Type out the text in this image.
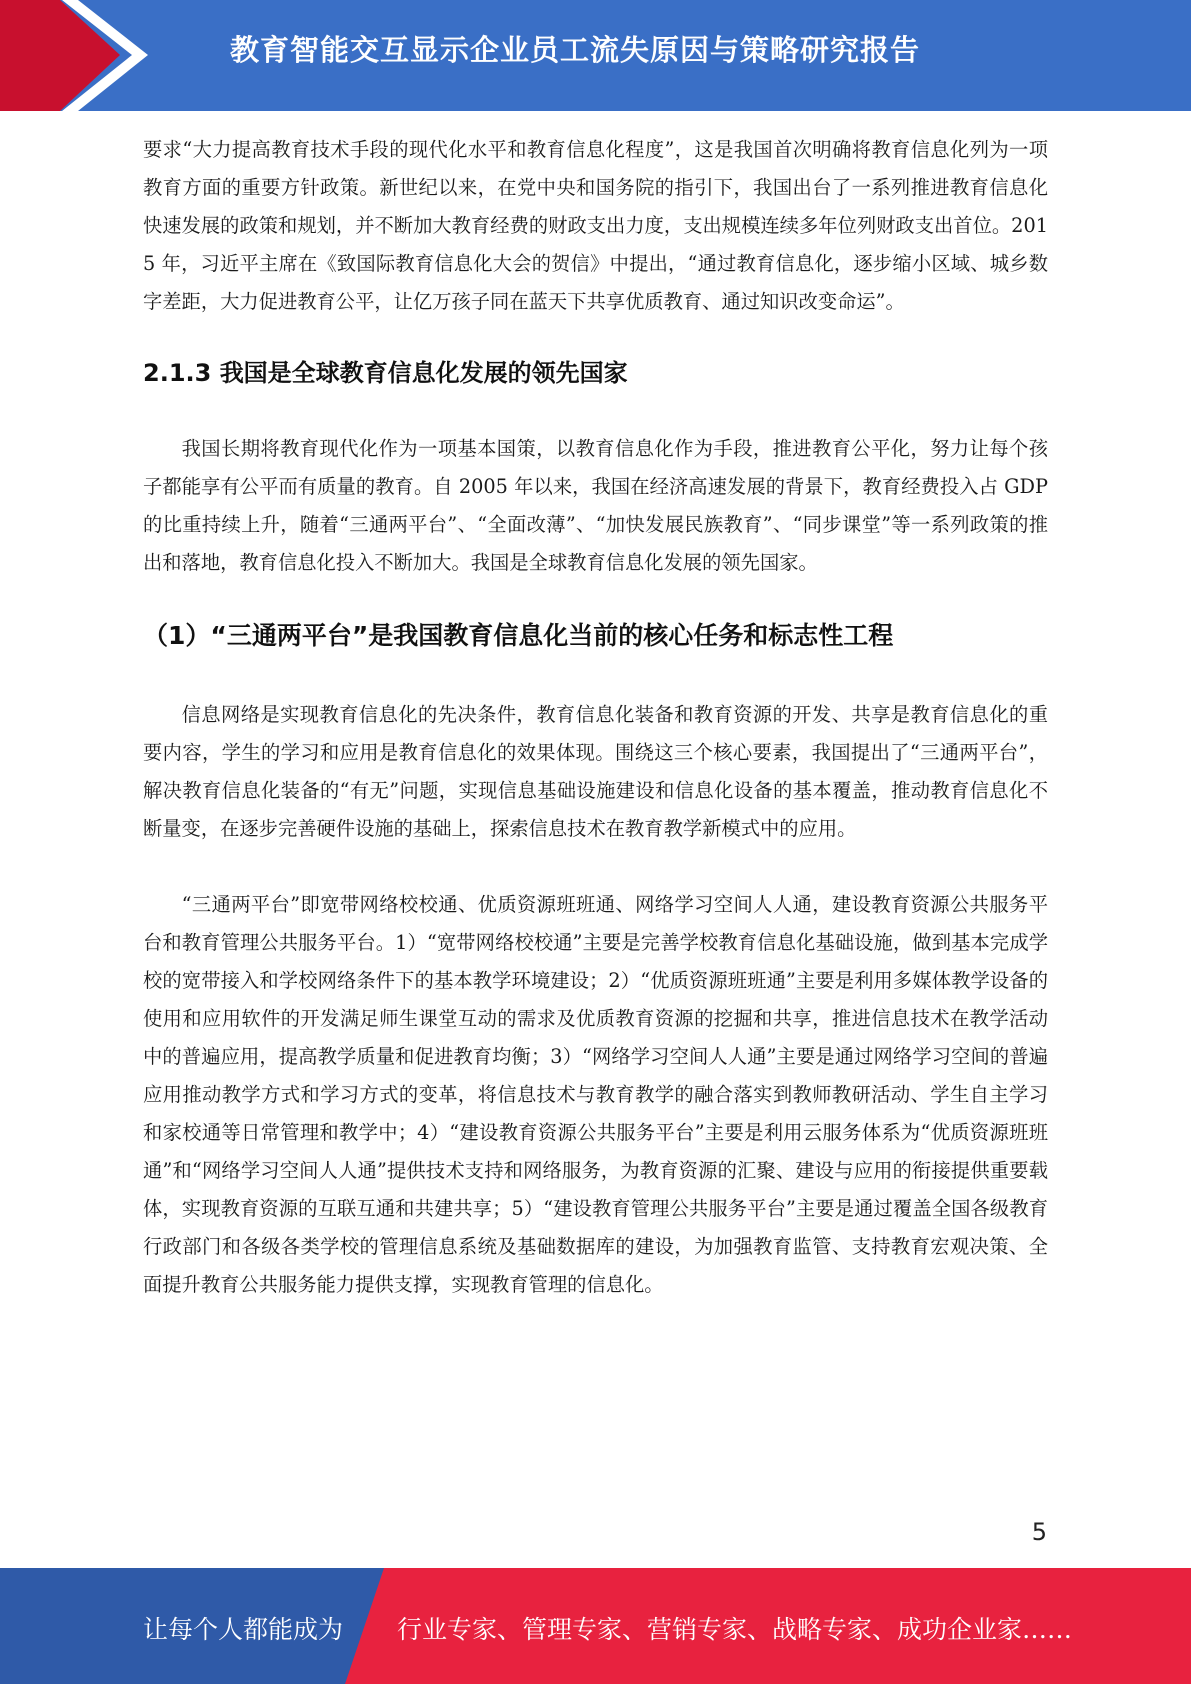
教育智能交互显示企业员工流失原因与策略研究报告

要求“大力提高教育技术手段的现代化水平和教育信息化程度”，这是我国首次明确将教育信息化列为一项教育方面的重要方针政策。新世纪以来，在党中央和国务院的指引下，我国出台了一系列推进教育信息化快速发展的政策和规划，并不断加大教育经费的财政支出力度，支出规模连续多年位列财政支出首位。2015 年，习近平主席在《致国际教育信息化大会的贺信》中提出，“通过教育信息化，逐步缩小区域、城乡数字差距，大力促进教育公平，让亿万孩子同在蓝天下共享优质教育、通过知识改变命运”。

2.1.3 我国是全球教育信息化发展的领先国家

我国长期将教育现代化作为一项基本国策，以教育信息化作为手段，推进教育公平化，努力让每个孩子都能享有公平而有质量的教育。自 2005 年以来，我国在经济高速发展的背景下，教育经费投入占 GDP 的比重持续上升，随着“三通两平台”、“全面改薄”、“加快发展民族教育”、“同步课堂”等一系列政策的推出和落地，教育信息化投入不断加大。我国是全球教育信息化发展的领先国家。

（1）“三通两平台”是我国教育信息化当前的核心任务和标志性工程

信息网络是实现教育信息化的先决条件，教育信息化装备和教育资源的开发、共享是教育信息化的重要内容，学生的学习和应用是教育信息化的效果体现。围绕这三个核心要素，我国提出了“三通两平台”，解决教育信息化装备的“有无”问题，实现信息基础设施建设和信息化设备的基本覆盖，推动教育信息化不断量变，在逐步完善硬件设施的基础上，探索信息技术在教育教学新模式中的应用。

“三通两平台”即宽带网络校校通、优质资源班班通、网络学习空间人人通，建设教育资源公共服务平台和教育管理公共服务平台。1）“宽带网络校校通”主要是完善学校教育信息化基础设施，做到基本完成学校的宽带接入和学校网络条件下的基本教学环境建设；2）“优质资源班班通”主要是利用多媒体教学设备的使用和应用软件的开发满足师生课堂互动的需求及优质教育资源的挖掘和共享，推进信息技术在教学活动中的普遍应用，提高教学质量和促进教育均衡；3）“网络学习空间人人通”主要是通过网络学习空间的普遍应用推动教学方式和学习方式的变革，将信息技术与教育教学的融合落实到教师教研活动、学生自主学习和家校通等日常管理和教学中；4）“建设教育资源公共服务平台”主要是利用云服务体系为“优质资源班班通”和“网络学习空间人人通”提供技术支持和网络服务，为教育资源的汇聚、建设与应用的衔接提供重要载体，实现教育资源的互联互通和共建共享；5）“建设教育管理公共服务平台”主要是通过覆盖全国各级教育行政部门和各级各类学校的管理信息系统及基础数据库的建设，为加强教育监管、支持教育宏观决策、全面提升教育公共服务能力提供支撑，实现教育管理的信息化。

5
让每个人都能成为 行业专家、管理专家、营销专家、战略专家、成功企业家……
